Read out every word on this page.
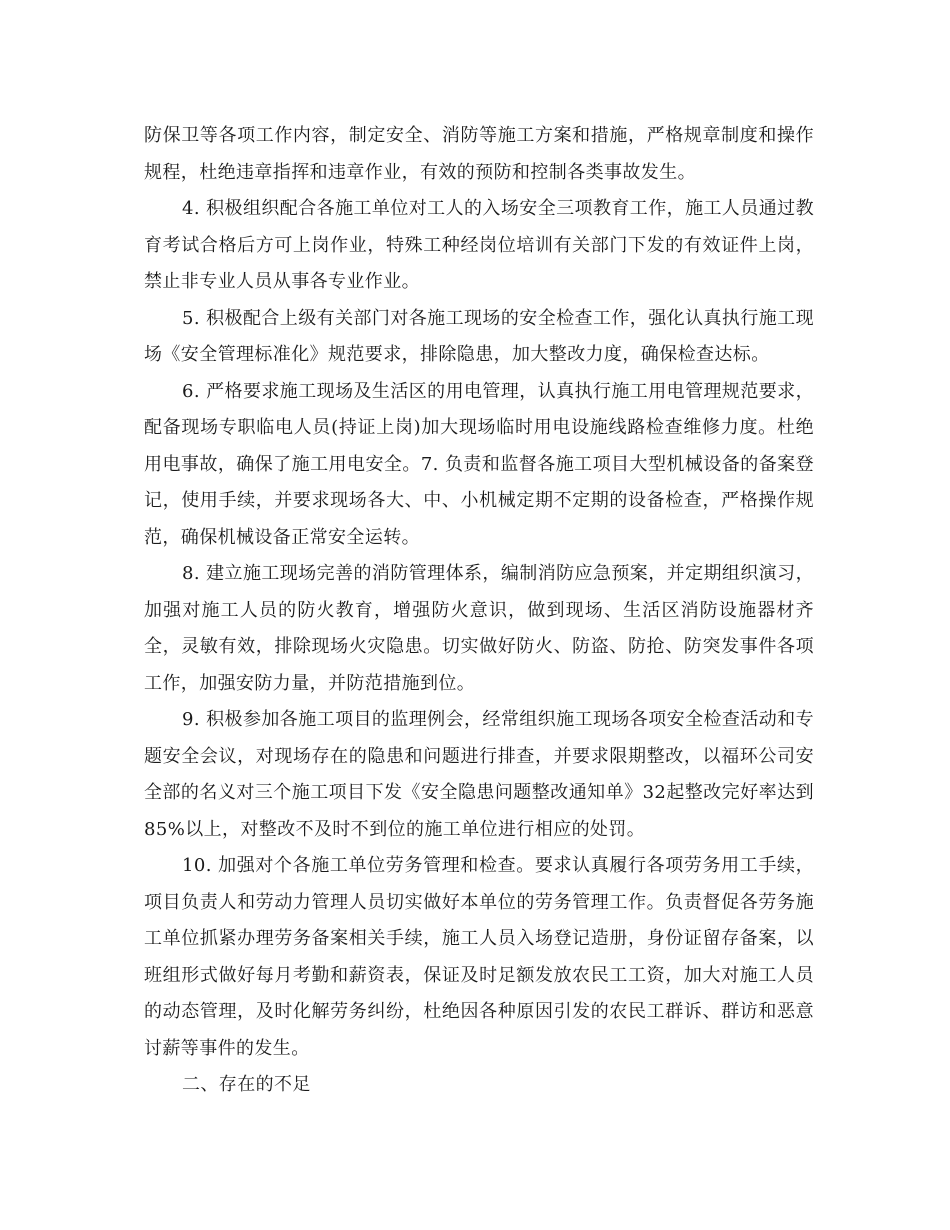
防保卫等各项工作内容，制定安全、消防等施工方案和措施，严格规章制度和操作规程，杜绝违章指挥和违章作业，有效的预防和控制各类事故发生。

4. 积极组织配合各施工单位对工人的入场安全三项教育工作，施工人员通过教育考试合格后方可上岗作业，特殊工种经岗位培训有关部门下发的有效证件上岗，禁止非专业人员从事各专业作业。

5. 积极配合上级有关部门对各施工现场的安全检查工作，强化认真执行施工现场《安全管理标准化》规范要求，排除隐患，加大整改力度，确保检查达标。

6. 严格要求施工现场及生活区的用电管理，认真执行施工用电管理规范要求，配备现场专职临电人员(持证上岗)加大现场临时用电设施线路检查维修力度。杜绝用电事故，确保了施工用电安全。7. 负责和监督各施工项目大型机械设备的备案登记，使用手续，并要求现场各大、中、小机械定期不定期的设备检查，严格操作规范，确保机械设备正常安全运转。

8. 建立施工现场完善的消防管理体系，编制消防应急预案，并定期组织演习，加强对施工人员的防火教育，增强防火意识，做到现场、生活区消防设施器材齐全，灵敏有效，排除现场火灾隐患。切实做好防火、防盗、防抢、防突发事件各项工作，加强安防力量，并防范措施到位。

9. 积极参加各施工项目的监理例会，经常组织施工现场各项安全检查活动和专题安全会议，对现场存在的隐患和问题进行排查，并要求限期整改，以福环公司安全部的名义对三个施工项目下发《安全隐患问题整改通知单》32起整改完好率达到85%以上，对整改不及时不到位的施工单位进行相应的处罚。

10. 加强对个各施工单位劳务管理和检查。要求认真履行各项劳务用工手续，项目负责人和劳动力管理人员切实做好本单位的劳务管理工作。负责督促各劳务施工单位抓紧办理劳务备案相关手续，施工人员入场登记造册，身份证留存备案，以班组形式做好每月考勤和薪资表，保证及时足额发放农民工工资，加大对施工人员的动态管理，及时化解劳务纠纷，杜绝因各种原因引发的农民工群诉、群访和恶意讨薪等事件的发生。

二、存在的不足
